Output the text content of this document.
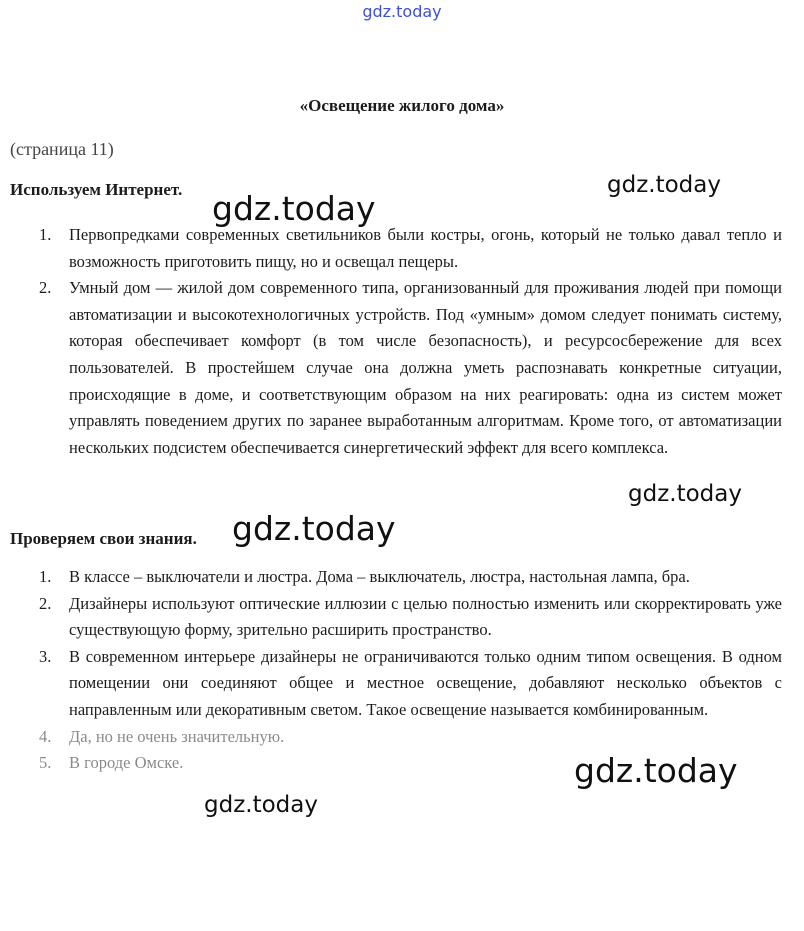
gdz.today
«Освещение жилого дома»
(страница 11)
Используем Интернет.
1. Первопредками современных светильников были костры, огонь, который не только давал тепло и возможность приготовить пищу, но и освещал пещеры.
2. Умный дом — жилой дом современного типа, организованный для проживания людей при помощи автоматизации и высокотехнологичных устройств. Под «умным» домом следует понимать систему, которая обеспечивает комфорт (в том числе безопасность), и ресурсосбережение для всех пользователей. В простейшем случае она должна уметь распознавать конкретные ситуации, происходящие в доме, и соответствующим образом на них реагировать: одна из систем может управлять поведением других по заранее выработанным алгоритмам. Кроме того, от автоматизации нескольких подсистем обеспечивается синергетический эффект для всего комплекса.
Проверяем свои знания.
1. В классе – выключатели и люстра. Дома – выключатель, люстра, настольная лампа, бра.
2. Дизайнеры используют оптические иллюзии с целью полностью изменить или скорректировать уже существующую форму, зрительно расширить пространство.
3. В современном интерьере дизайнеры не ограничиваются только одним типом освещения. В одном помещении они соединяют общее и местное освещение, добавляют несколько объектов с направленным или декоративным светом. Такое освещение называется комбинированным.
4. Да, но не очень значительную.
5. В городе Омске.
gdz.today
gdz.today
gdz.today
gdz.today
gdz.today
gdz.today
